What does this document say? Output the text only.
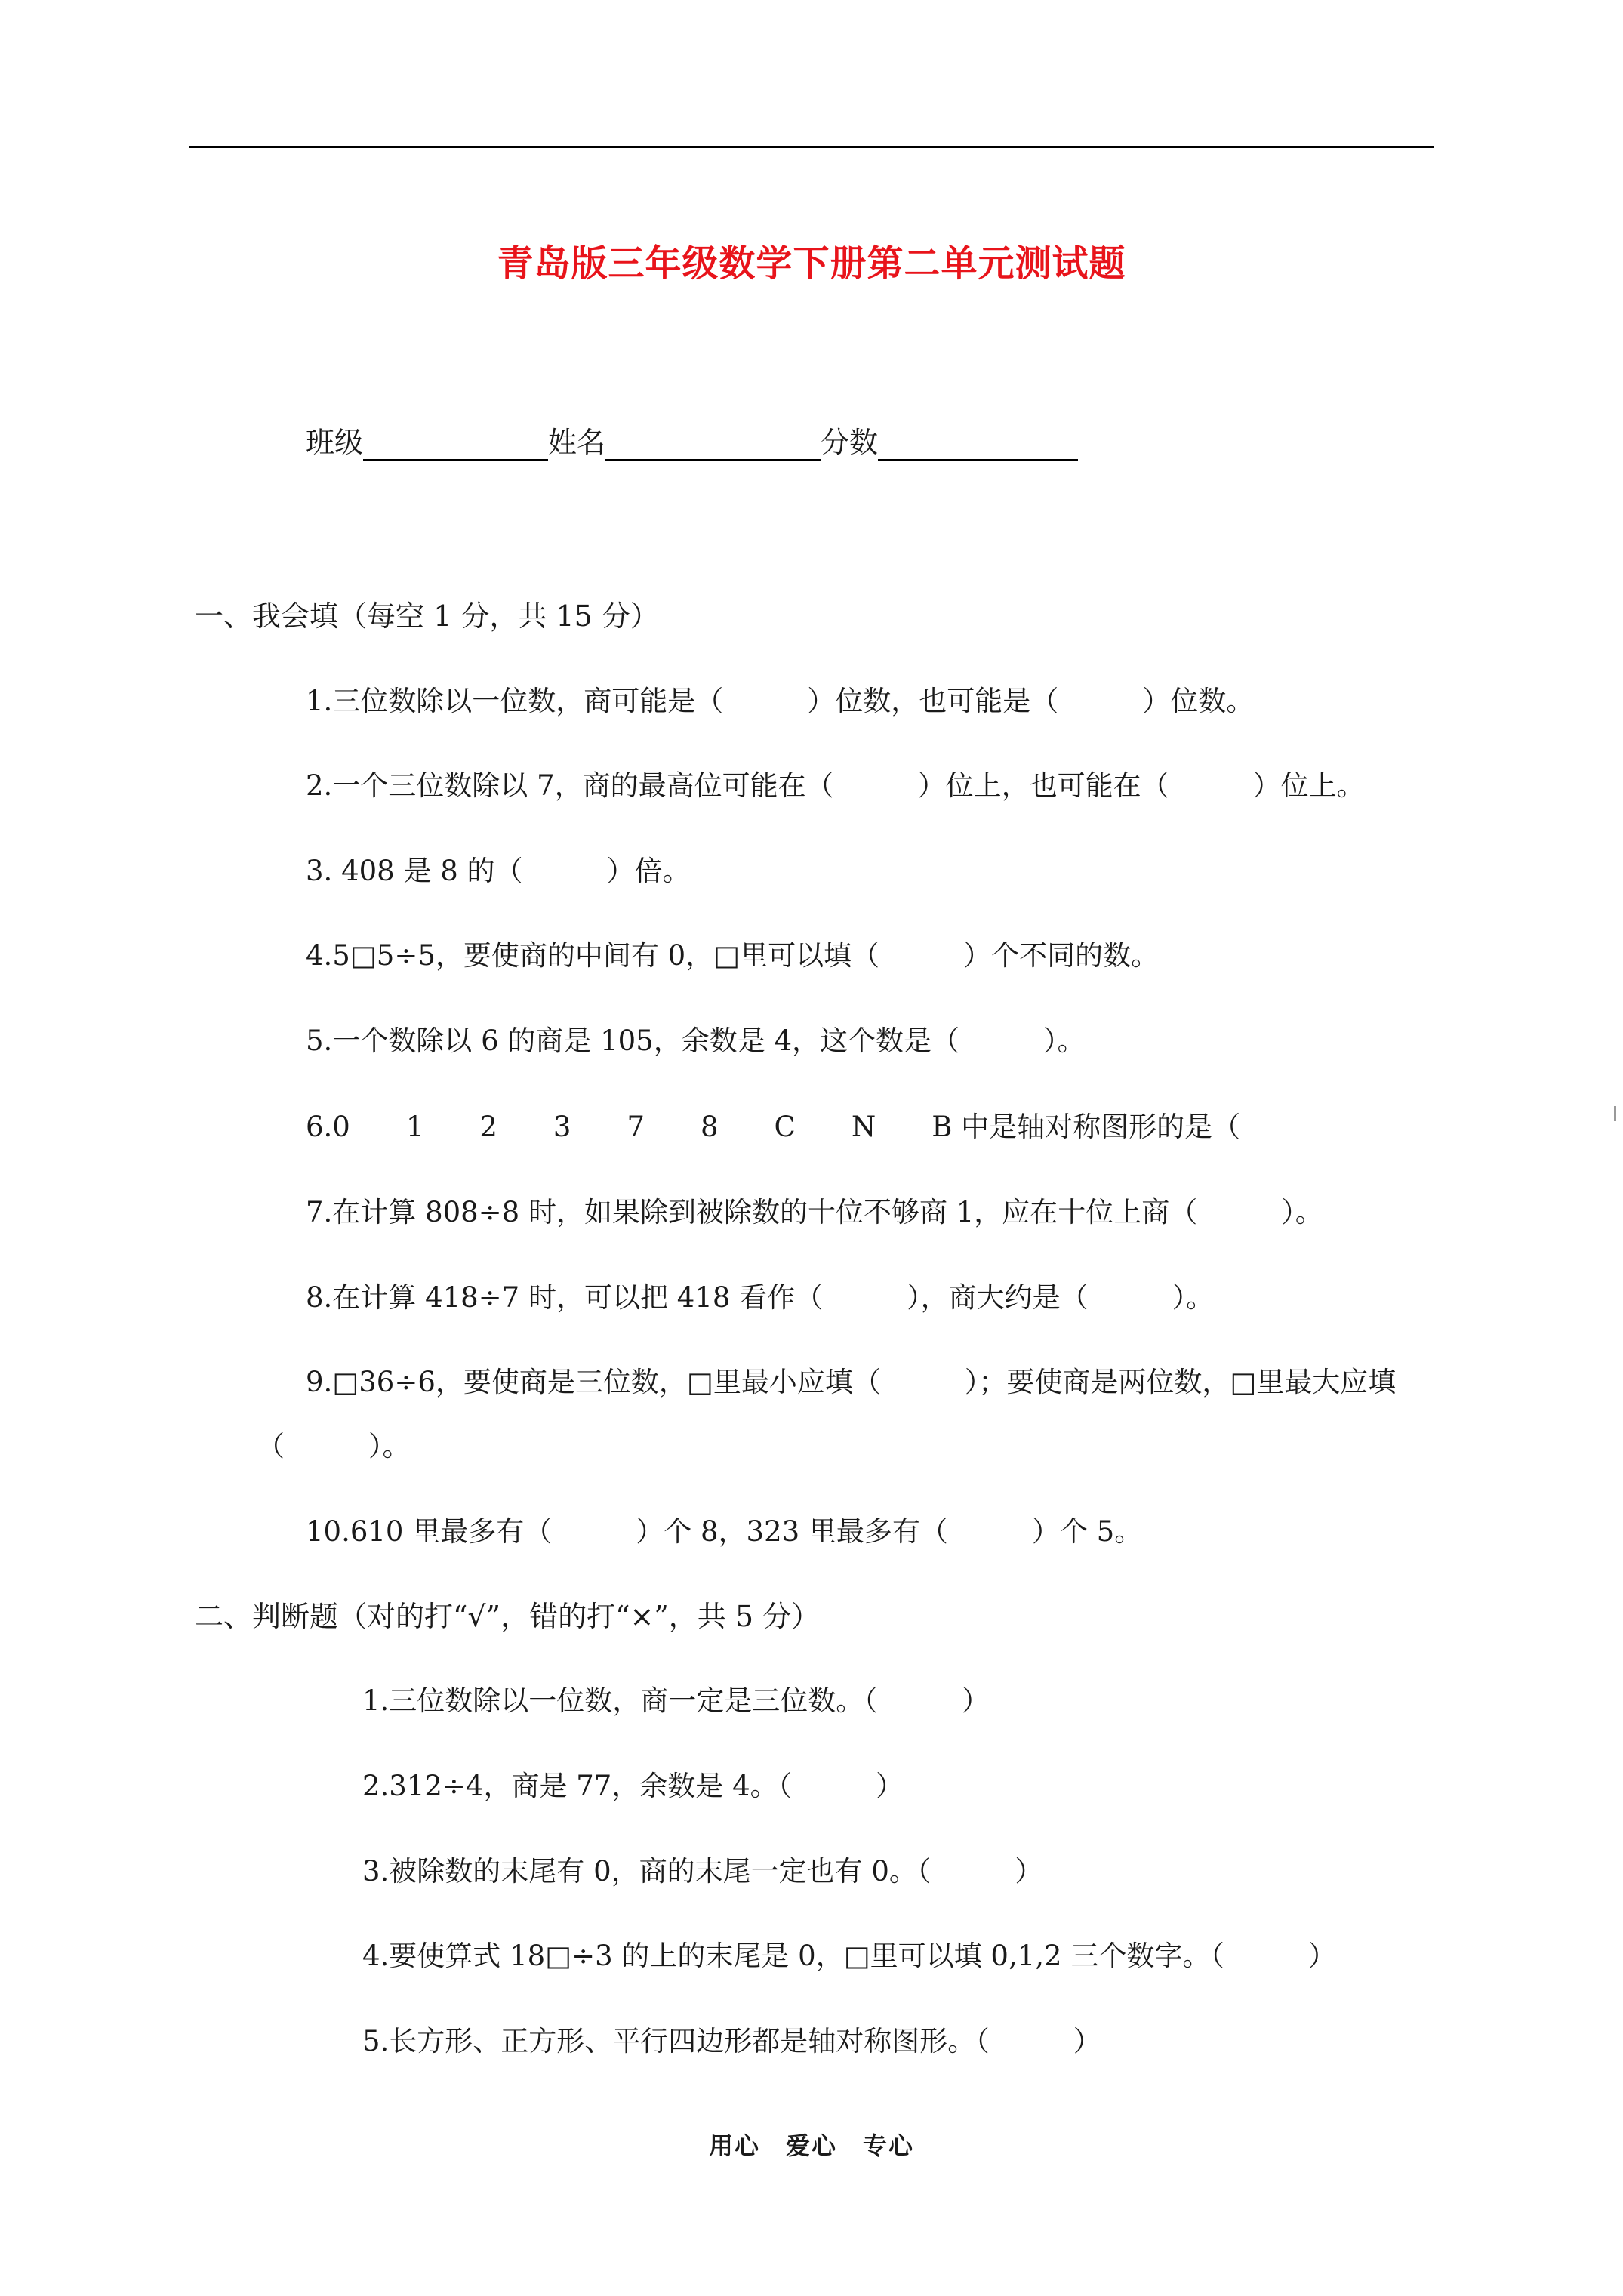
青岛版三年级数学下册第二单元测试题
班级	姓名	分数
一、我会填（每空 1 分，共 15 分）
1.三位数除以一位数，商可能是（　　　）位数，也可能是（　　　）位数。
2.一个三位数除以 7，商的最高位可能在（　　　）位上，也可能在（　　　）位上。
3. 408 是 8 的（　　　）倍。
4.5□5÷5，要使商的中间有 0，□里可以填（　　　）个不同的数。
5.一个数除以 6 的商是 105，余数是 4，这个数是（　　　）。
6.0　　1　　2　　3　　7　　8　　C　　N　　B 中是轴对称图形的是（
7.在计算 808÷8 时，如果除到被除数的十位不够商 1，应在十位上商（　　　）。
8.在计算 418÷7 时，可以把 418 看作（　　　），商大约是（　　　）。
9.□36÷6，要使商是三位数，□里最小应填（　　　）；要使商是两位数，□里最大应填
（　　　）。
10.610 里最多有（　　　）个 8，323 里最多有（　　　）个 5。
二、判断题（对的打“√”，错的打“×”，共 5 分）
1.三位数除以一位数，商一定是三位数。（　　　）
2.312÷4，商是 77，余数是 4。（　　　）
3.被除数的末尾有 0，商的末尾一定也有 0。（　　　）
4.要使算式 18□÷3 的上的末尾是 0，□里可以填 0,1,2 三个数字。（　　　）
5.长方形、正方形、平行四边形都是轴对称图形。（　　　）
用心　爱心　专心
